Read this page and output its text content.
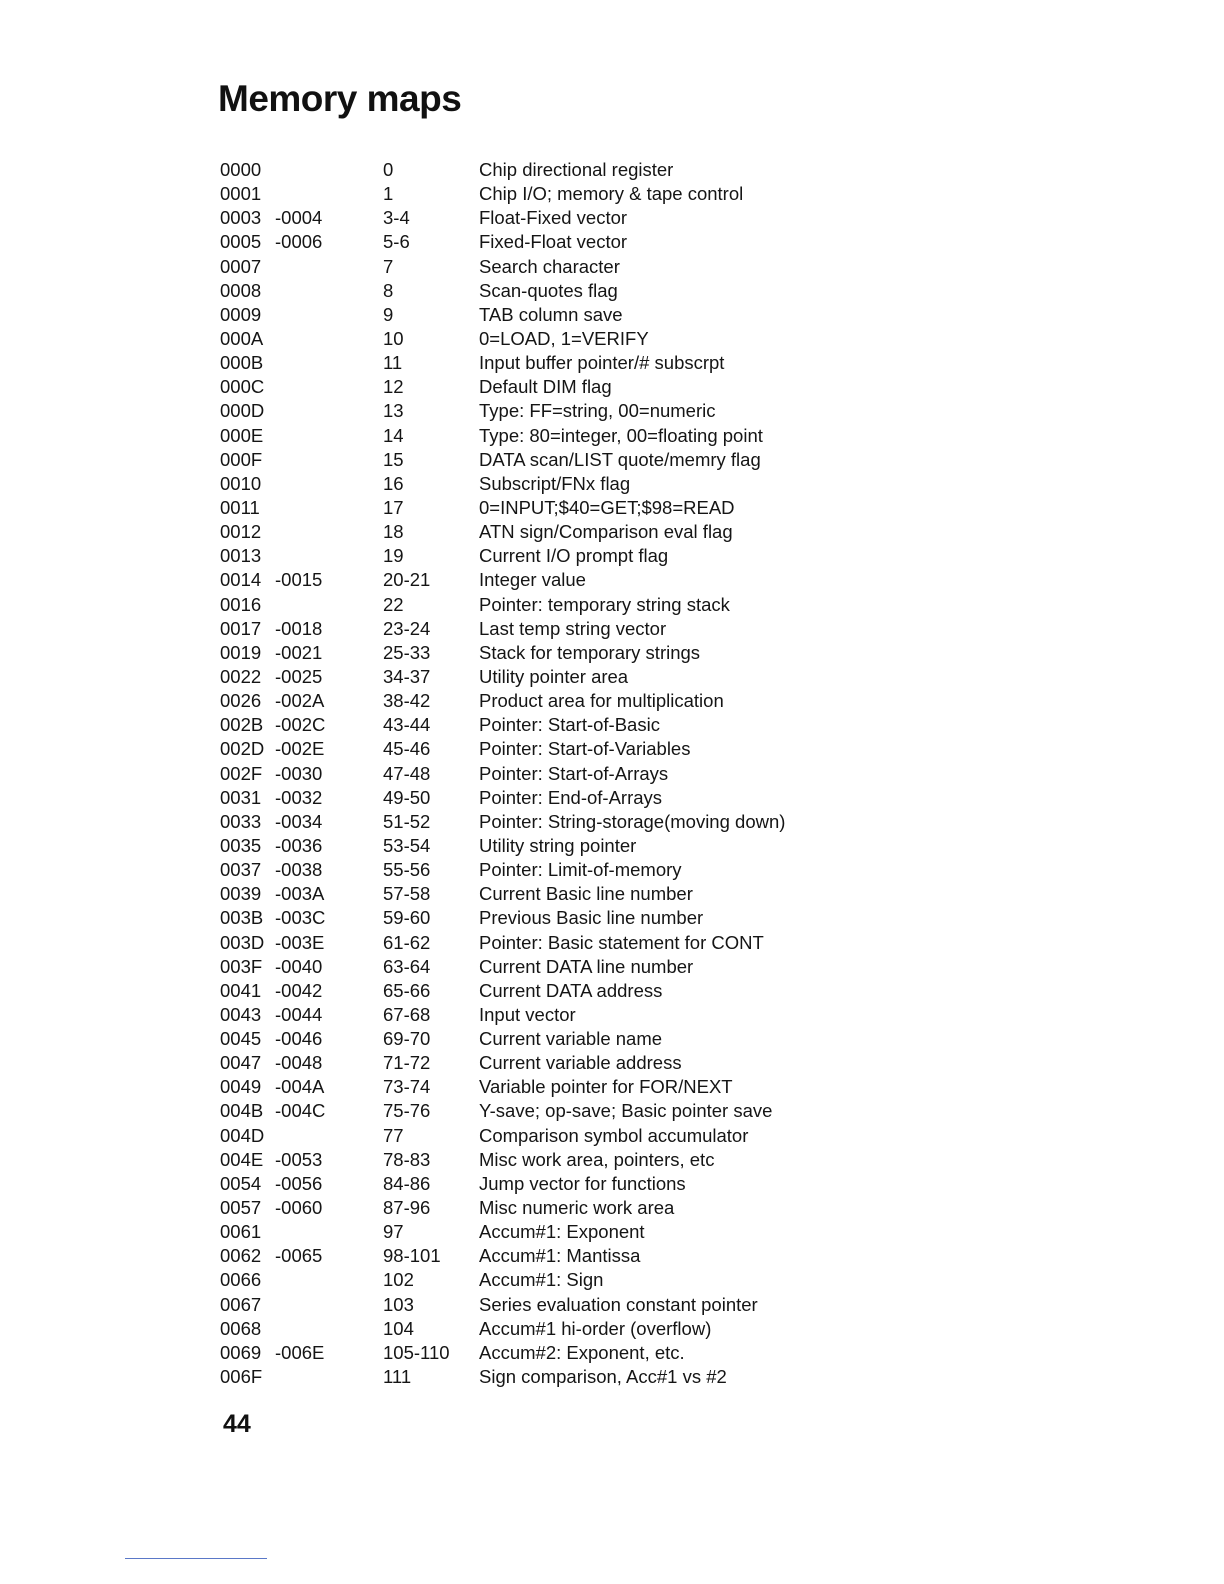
Memory maps
0000	0	Chip directional register
0001	1	Chip I/O; memory & tape control
0003 -0004	3-4	Float-Fixed vector
0005 -0006	5-6	Fixed-Float vector
0007	7	Search character
0008	8	Scan-quotes flag
0009	9	TAB column save
000A	10	0=LOAD, 1=VERIFY
000B	11	Input buffer pointer/# subscrpt
000C	12	Default DIM flag
000D	13	Type: FF=string, 00=numeric
000E	14	Type: 80=integer, 00=floating point
000F	15	DATA scan/LIST quote/memry flag
0010	16	Subscript/FNx flag
0011	17	0=INPUT;$40=GET;$98=READ
0012	18	ATN sign/Comparison eval flag
0013	19	Current I/O prompt flag
0014 -0015	20-21	Integer value
0016	22	Pointer: temporary string stack
0017 -0018	23-24	Last temp string vector
0019 -0021	25-33	Stack for temporary strings
0022 -0025	34-37	Utility pointer area
0026 -002A	38-42	Product area for multiplication
002B -002C	43-44	Pointer: Start-of-Basic
002D -002E	45-46	Pointer: Start-of-Variables
002F -0030	47-48	Pointer: Start-of-Arrays
0031 -0032	49-50	Pointer: End-of-Arrays
0033 -0034	51-52	Pointer: String-storage(moving down)
0035 -0036	53-54	Utility string pointer
0037 -0038	55-56	Pointer: Limit-of-memory
0039 -003A	57-58	Current Basic line number
003B -003C	59-60	Previous Basic line number
003D -003E	61-62	Pointer: Basic statement for CONT
003F -0040	63-64	Current DATA line number
0041 -0042	65-66	Current DATA address
0043 -0044	67-68	Input vector
0045 -0046	69-70	Current variable name
0047 -0048	71-72	Current variable address
0049 -004A	73-74	Variable pointer for FOR/NEXT
004B -004C	75-76	Y-save; op-save; Basic pointer save
004D	77	Comparison symbol accumulator
004E -0053	78-83	Misc work area, pointers, etc
0054 -0056	84-86	Jump vector for functions
0057 -0060	87-96	Misc numeric work area
0061	97	Accum#1: Exponent
0062 -0065	98-101 Accum#1: Mantissa
0066	102	Accum#1: Sign
0067	103	Series evaluation constant pointer
0068	104	Accum#1 hi-order (overflow)
0069 -006E	105-110 Accum#2: Exponent, etc.
006F	111	Sign comparison, Acc#1 vs #2
44
